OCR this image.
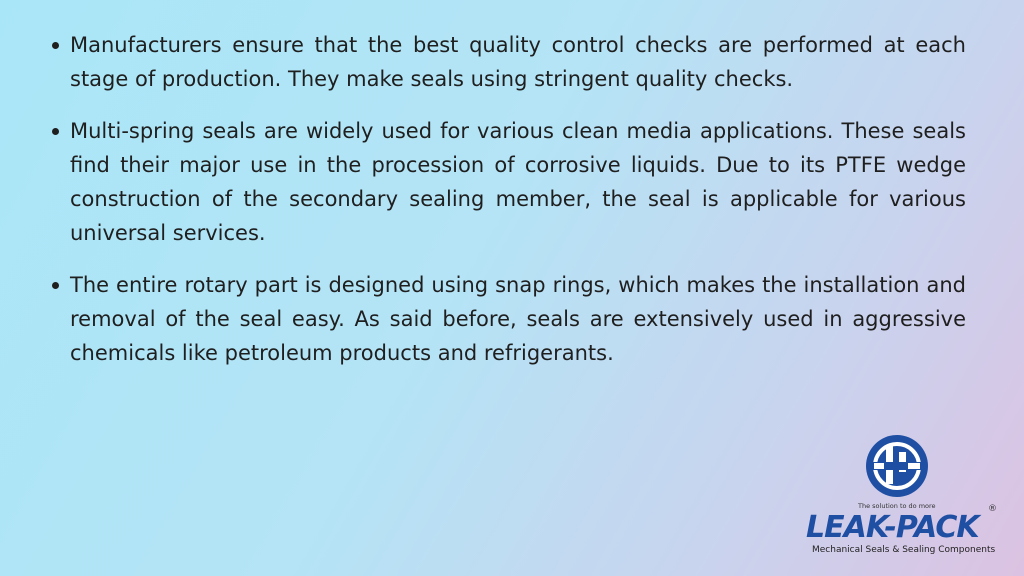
Manufacturers ensure that the best quality control checks are performed at each stage of production. They make seals using stringent quality checks.
Multi-spring seals are widely used for various clean media applications. These seals find their major use in the procession of corrosive liquids. Due to its PTFE wedge construction of the secondary sealing member, the seal is applicable for various universal services.
The entire rotary part is designed using snap rings, which makes the installation and removal of the seal easy. As said before, seals are extensively used in aggressive chemicals like petroleum products and refrigerants.
The solution to do more
LEAK-PACK
®
Mechanical Seals & Sealing Components
